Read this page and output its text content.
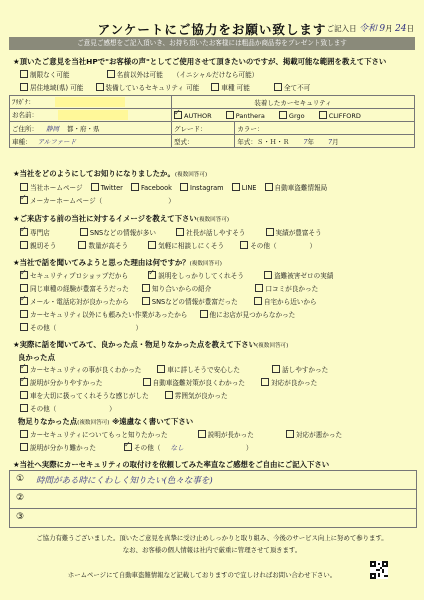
アンケートにご協力をお願い致します ご記入日 令和 9月 24日
ご意見ご感想をご記入頂いき、お持ち頂いたお客様には粗品か商品券をプレゼント致します
★頂いたご意見を当社HPで"お客様の声"としてご使用させて頂きたいのですが、掲載可能な範囲を教えて下さい
制限なく可能	名前以外は可能 （イニシャルだけなら可能）
居住地域(県) 可能	装備しているセキュリティ 可能	車種 可能	全て不可
ﾌﾘｶﾞﾅ：	装着したカーセキュリティ	
お名前：	✓AUTHOR Panthera Grgo CLIFFORD
ご住所： 静岡 都・府・県	グレード：	カラー：
車種： アルファード	型式：	年式：Ｓ・Ｈ・Ｒ 7年 7月
★当社をどのようにしてお知りになりましたか。(複数回答可)
当社ホームページ	Twitter	Facebook	Instagram	LINE	自動車盗難情報局
✓メーカーホームページ（　　　　　　　　　　）
★ご来店する前の当社に対するイメージを教えて下さい(複数回答可)
✓専門店	SNSなどの情報が多い	社長が話しやすそう	実績が豊富そう
親切そう	数量が高そう	気軽に相談しにくそう	その他（　　　　　）
★当社で話を聞いてみようと思った理由は何ですか？(複数回答可)
✓セキュリティプロショップだから ✓	説明をしっかりしてくれそう	盗難被害ゼロの実績
同じ車種の経験が豊富そうだった	知り合いからの紹介	口コミが良かった
✓メール・電話応対が良かったから	SNSなどの情報が豊富だった	自宅から近いから
カーセキュリティ以外にも頼みたい作業があったから	他にお店が見つからなかった
その他（　　　　　　　　　　　　）
★実際に話を聞いてみて、良かった点・物足りなかった点を教えて下さい(複数回答可)
良かった点
✓カーセキュリティの事が良くわかった	車に詳しそうで安心した	話しやすかった
✓説明が分かりやすかった	自動車盗難対策が良くわかった	対応が良かった
車を大切に扱ってくれそうな感じがした	雰囲気が良かった
その他（　　　　　　　　）
物足りなかった点(複数回答可) ※遠慮なく書いて下さい
カーセキュリティについてもっと知りたかった	説明が長かった	対応が悪かった
説明が分かり難かった ✓	その他（ なし	）
★当社へ実際にカーセキュリティの取付けを依頼してみた率直なご感想をご自由にご記入下さい
① 時間がある時にくわしく知りたい(色々な事を)
②
③
ご協力有難うございました。頂いたご意見を真摯に受け止めしっかりと取り組み、今後のサービス向上に努めて参ります。
なお、お客様の個人情報は社内で厳重に管理させて頂きます。
ホームページにて自動車盗難情報など記載しておりますので宜しければお問い合わせ下さい。
